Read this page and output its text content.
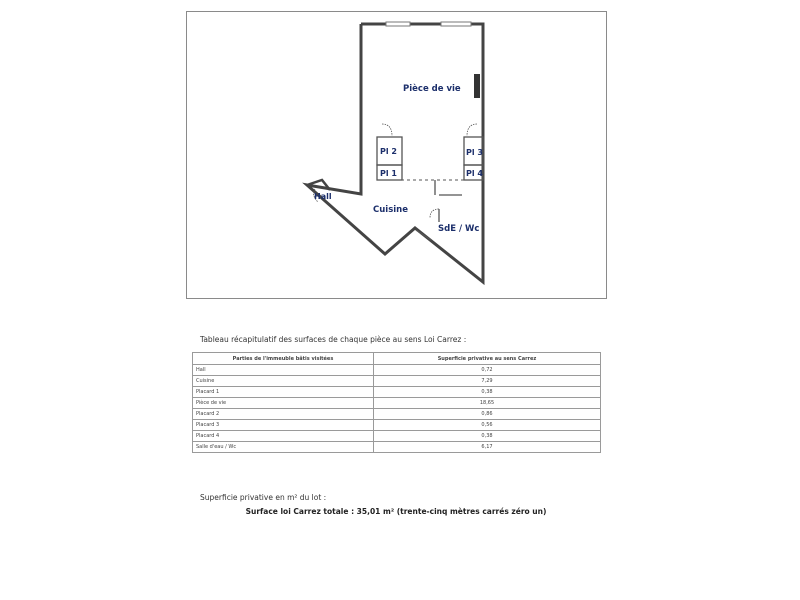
Pièce de vie
Pl 2	Pl 3
Pl 1	Pl 4
Hall
Cuisine
SdE / Wc
Tableau récapitulatif des surfaces de chaque pièce au sens Loi Carrez :
Parties de l'immeuble bâtis visitées	Superficie privative au sens Carrez
Hall	0,72
Cuisine	7,29
Placard 1	0,38
Pièce de vie	18,65
Placard 2	0,86
Placard 3	0,56
Placard 4	0,38
Salle d'eau / Wc	6,17
Superficie privative en m² du lot :
Surface loi Carrez totale : 35,01 m² (trente-cinq mètres carrés zéro un)
